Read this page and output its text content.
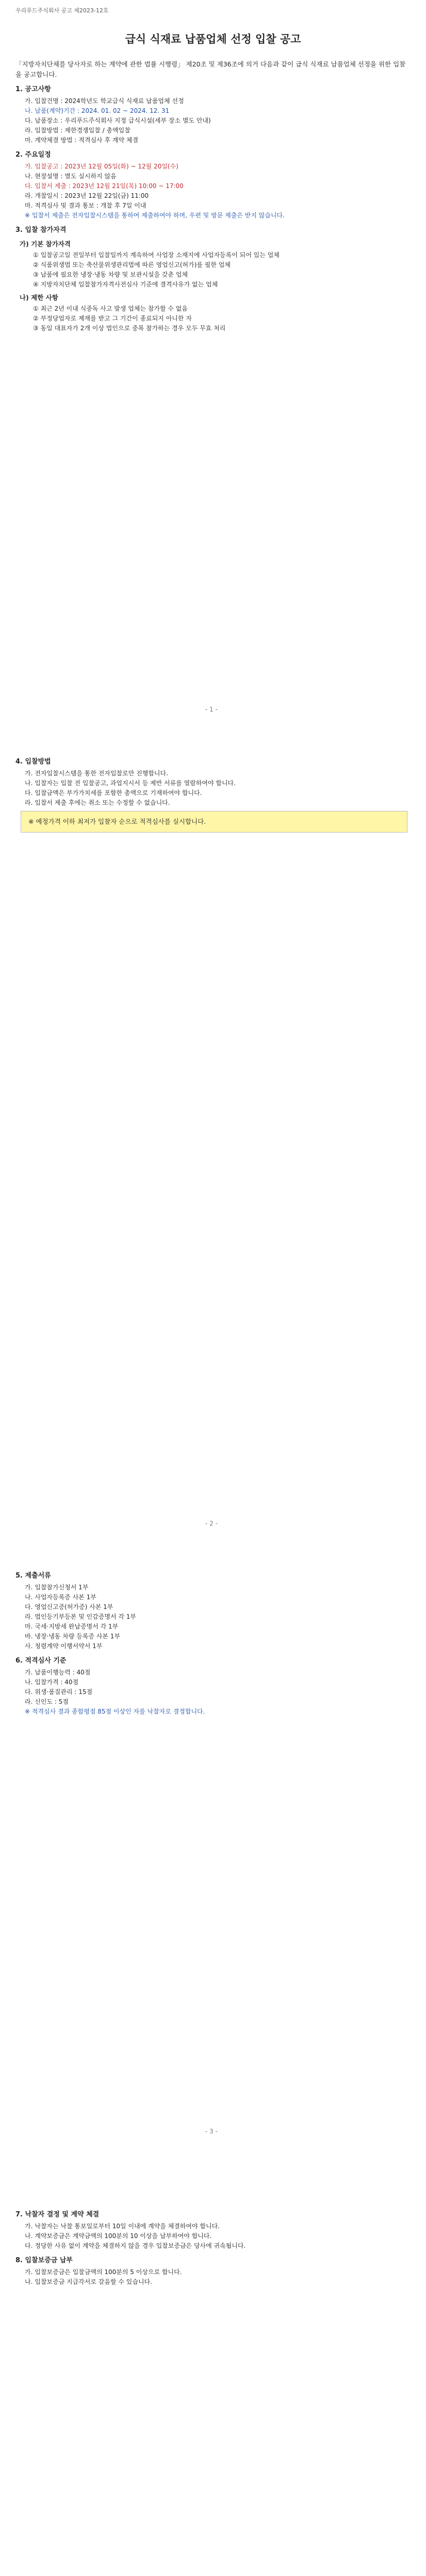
우리푸드주식회사 공고 제2023-12호
급식 식재료 납품업체 선정 입찰 공고

「지방자치단체를 당사자로 하는 계약에 관한 법률 시행령」 제20조 및 제36조에 의거 다음과 같이 급식 식재료 납품업체 선정을 위한 입찰을 공고합니다.

1. 공고사항
가. 입찰건명 : 2024학년도 학교급식 식재료 납품업체 선정
나. 납품(계약)기간 : 2024. 01. 02 ~ 2024. 12. 31
다. 납품장소 : 우리푸드주식회사 지정 급식시설(세부 장소 별도 안내)
라. 입찰방법 : 제한경쟁입찰 / 총액입찰
마. 계약체결 방법 : 적격심사 후 계약 체결
2. 주요일정
가. 입찰공고 : 2023년 12월 05일(화) ~ 12월 20일(수)
나. 현장설명 : 별도 실시하지 않음
다. 입찰서 제출 : 2023년 12월 21일(목) 10:00 ~ 17:00
라. 개찰일시 : 2023년 12월 22일(금) 11:00
마. 적격심사 및 결과 통보 : 개찰 후 7일 이내
※ 입찰서 제출은 전자입찰시스템을 통하여 제출하여야 하며, 우편 및 방문 제출은 받지 않습니다.
3. 입찰 참가자격
가) 기본 참가자격
① 입찰공고일 전일부터 입찰일까지 계속하여 사업장 소재지에 사업자등록이 되어 있는 업체
② 식품위생법 또는 축산물위생관리법에 따른 영업신고(허가)를 필한 업체
③ 납품에 필요한 냉장·냉동 차량 및 보관시설을 갖춘 업체
④ 지방자치단체 입찰참가자격사전심사 기준에 결격사유가 없는 업체
나) 제한 사항
① 최근 2년 이내 식중독 사고 발생 업체는 참가할 수 없음
② 부정당업자로 제재를 받고 그 기간이 종료되지 아니한 자
③ 동일 대표자가 2개 이상 법인으로 중복 참가하는 경우 모두 무효 처리
- 1 -
4. 입찰방법
가. 전자입찰시스템을 통한 전자입찰로만 진행합니다.
나. 입찰자는 입찰 전 입찰공고, 과업지시서 등 제반 서류를 열람하여야 합니다.
다. 입찰금액은 부가가치세를 포함한 총액으로 기재하여야 합니다.
라. 입찰서 제출 후에는 취소 또는 수정할 수 없습니다.
※ 예정가격 이하 최저가 입찰자 순으로 적격심사를 실시합니다.
- 2 -
5. 제출서류
가. 입찰참가신청서 1부
나. 사업자등록증 사본 1부
다. 영업신고증(허가증) 사본 1부
라. 법인등기부등본 및 인감증명서 각 1부
마. 국세·지방세 완납증명서 각 1부
바. 냉장·냉동 차량 등록증 사본 1부
사. 청렴계약 이행서약서 1부
6. 적격심사 기준
가. 납품이행능력 : 40점
나. 입찰가격 : 40점
다. 위생·품질관리 : 15점
라. 신인도 : 5점
※ 적격심사 결과 종합평점 85점 이상인 자를 낙찰자로 결정합니다.
- 3 -
7. 낙찰자 결정 및 계약 체결
가. 낙찰자는 낙찰 통보일로부터 10일 이내에 계약을 체결하여야 합니다.
나. 계약보증금은 계약금액의 100분의 10 이상을 납부하여야 합니다.
다. 정당한 사유 없이 계약을 체결하지 않을 경우 입찰보증금은 당사에 귀속됩니다.
8. 입찰보증금 납부
가. 입찰보증금은 입찰금액의 100분의 5 이상으로 합니다.
나. 입찰보증금 지급각서로 갈음할 수 있습니다.
